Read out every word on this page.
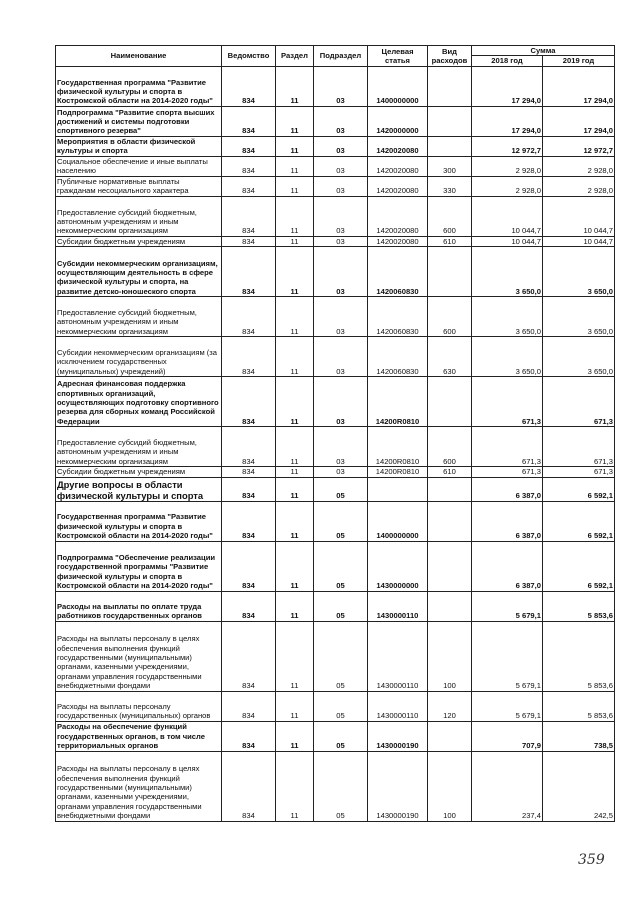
Наименование	Ведомство	Раздел	Подраздел	Целевая статья	Вид расходов	Сумма	
						2018 год	2019 год
Государственная программа "Развитие физической культуры и спорта в Костромской области на 2014-2020 годы"	834	11	03	1400000000		17 294,0	17 294,0
Подпрограмма "Развитие спорта высших достижений и системы подготовки спортивного резерва"	834	11	03	1420000000		17 294,0	17 294,0
Мероприятия в области физической культуры и спорта	834	11	03	1420020080		12 972,7	12 972,7
Социальное обеспечение и иные выплаты населению	834	11	03	1420020080	300	2 928,0	2 928,0
Публичные нормативные выплаты гражданам несоциального характера	834	11	03	1420020080	330	2 928,0	2 928,0
Предоставление субсидий бюджетным, автономным учреждениям и иным некоммерческим организациям	834	11	03	1420020080	600	10 044,7	10 044,7
Субсидии бюджетным учреждениям	834	11	03	1420020080	610	10 044,7	10 044,7
Субсидии некоммерческим организациям, осуществляющим деятельность в сфере физической культуры и спорта, на развитие детско-юношеского спорта	834	11	03	1420060830		3 650,0	3 650,0
Предоставление субсидий бюджетным, автономным учреждениям и иным некоммерческим организациям	834	11	03	1420060830	600	3 650,0	3 650,0
Субсидии некоммерческим организациям (за исключением государственных (муниципальных) учреждений)	834	11	03	1420060830	630	3 650,0	3 650,0
Адресная финансовая поддержка спортивных организаций, осуществляющих подготовку спортивного резерва для сборных команд Российской Федерации	834	11	03	14200R0810		671,3	671,3
Предоставление субсидий бюджетным, автономным учреждениям и иным некоммерческим организациям	834	11	03	14200R0810	600	671,3	671,3
Субсидии бюджетным учреждениям	834	11	03	14200R0810	610	671,3	671,3
Другие вопросы в области физической культуры и спорта	834	11	05			6 387,0	6 592,1
Государственная программа "Развитие физической культуры и спорта в Костромской области на 2014-2020 годы"	834	11	05	1400000000		6 387,0	6 592,1
Подпрограмма "Обеспечение реализации государственной программы "Развитие физической культуры и спорта в Костромской области на 2014-2020 годы"	834	11	05	1430000000		6 387,0	6 592,1
Расходы на выплаты по оплате труда работников государственных органов	834	11	05	1430000110		5 679,1	5 853,6
Расходы на выплаты персоналу в целях обеспечения выполнения функций государственными (муниципальными) органами, казенными учреждениями, органами управления государственными внебюджетными фондами	834	11	05	1430000110	100	5 679,1	5 853,6
Расходы на выплаты персоналу государственных (муниципальных) органов	834	11	05	1430000110	120	5 679,1	5 853,6
Расходы на обеспечение функций государственных органов, в том числе территориальных органов	834	11	05	1430000190		707,9	738,5
Расходы на выплаты персоналу в целях обеспечения выполнения функций государственными (муниципальными) органами, казенными учреждениями, органами управления государственными внебюджетными фондами	834	11	05	1430000190	100	237,4	242,5
359
